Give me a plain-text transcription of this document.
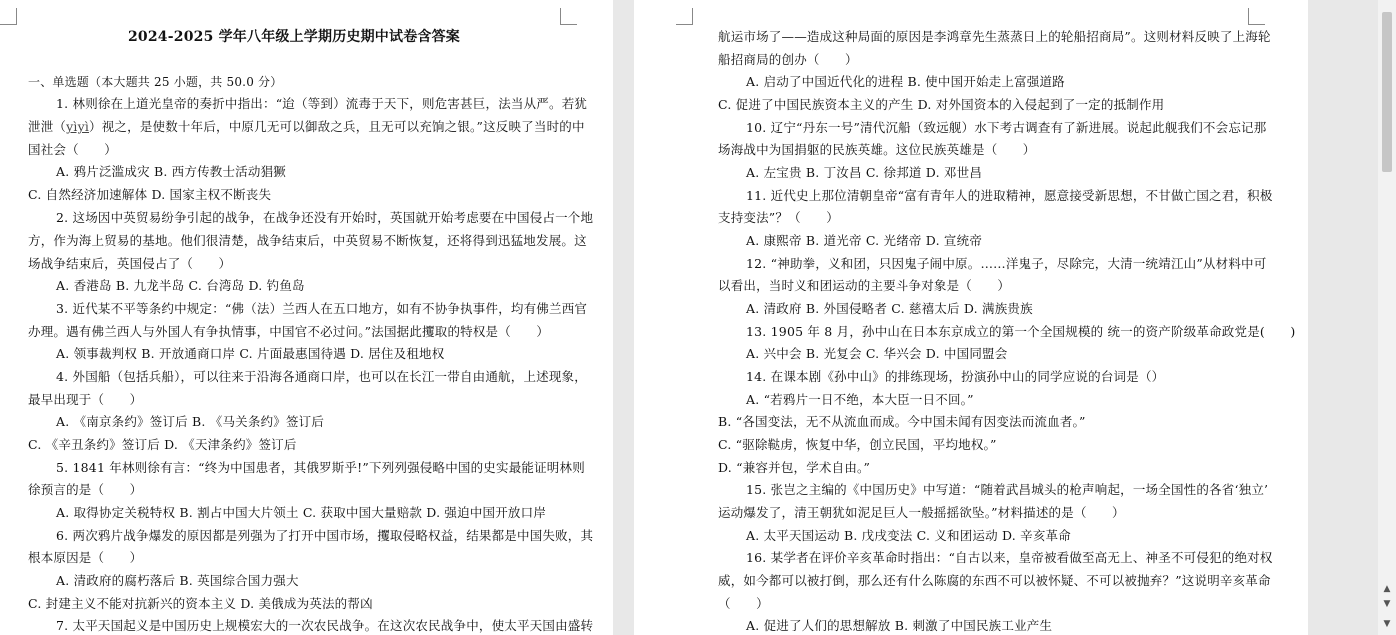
2024-2025 学年八年级上学期历史期中试卷含答案
一、单选题（本大题共 25 小题，共 50.0 分）
1. 林则徐在上道光皇帝的奏折中指出：“迨（等到）流毒于天下，则危害甚巨，法当从严。若犹
泄泄（yìyì）视之，是使数十年后，中原几无可以御敌之兵，且无可以充饷之银。”这反映了当时的中
国社会（　　）
A. 鸦片泛滥成灾 B. 西方传教士活动猖獗
C. 自然经济加速解体 D. 国家主权不断丧失
2. 这场因中英贸易纷争引起的战争，在战争还没有开始时，英国就开始考虑要在中国侵占一个地
方，作为海上贸易的基地。他们很清楚，战争结束后，中英贸易不断恢复，还将得到迅猛地发展。这
场战争结束后，英国侵占了（　　）
A. 香港岛 B. 九龙半岛 C. 台湾岛 D. 钓鱼岛
3. 近代某不平等条约中规定：“佛（法）兰西人在五口地方，如有不协争执事件，均有佛兰西官
办理。遇有佛兰西人与外国人有争执情事，中国官不必过问。”法国据此攫取的特权是（　　）
A. 领事裁判权 B. 开放通商口岸 C. 片面最惠国待遇 D. 居住及租地权
4. 外国船（包括兵船），可以往来于沿海各通商口岸，也可以在长江一带自由通航，上述现象，
最早出现于（　　）
A. 《南京条约》签订后 B. 《马关条约》签订后
C. 《辛丑条约》签订后 D. 《天津条约》签订后
5. 1841 年林则徐有言：“终为中国患者，其俄罗斯乎!”下列列强侵略中国的史实最能证明林则
徐预言的是（　　）
A. 取得协定关税特权 B. 割占中国大片领土 C. 获取中国大量赔款 D. 强迫中国开放口岸
6. 两次鸦片战争爆发的原因都是列强为了打开中国市场，攫取侵略权益，结果都是中国失败，其
根本原因是（　　）
A. 清政府的腐朽落后 B. 英国综合国力强大
C. 封建主义不能对抗新兴的资本主义 D. 美俄成为英法的帮凶
7. 太平天国起义是中国历史上规模宏大的一次农民战争。在这次农民战争中，使太平天国由盛转
航运市场了——造成这种局面的原因是李鸿章先生蒸蒸日上的轮船招商局”。这则材料反映了上海轮
船招商局的创办（　　）
A. 启动了中国近代化的进程 B. 使中国开始走上富强道路
C. 促进了中国民族资本主义的产生 D. 对外国资本的入侵起到了一定的抵制作用
10. 辽宁“丹东一号”清代沉船（致远舰）水下考古调查有了新进展。说起此舰我们不会忘记那
场海战中为国捐躯的民族英雄。这位民族英雄是（　　）
A. 左宝贵 B. 丁汝昌 C. 徐邦道 D. 邓世昌
11. 近代史上那位清朝皇帝“富有青年人的进取精神，愿意接受新思想，不甘做亡国之君，积极
支持变法”？（　　）
A. 康熙帝 B. 道光帝 C. 光绪帝 D. 宣统帝
12. “神助拳，义和团，只因鬼子闹中原。……洋鬼子，尽除完，大清一统靖江山”从材料中可
以看出，当时义和团运动的主要斗争对象是（　　）
A. 清政府 B. 外国侵略者 C. 慈禧太后 D. 满族贵族
13. 1905 年 8 月，孙中山在日本东京成立的第一个全国规模的 统一的资产阶级革命政党是(　　)
A. 兴中会 B. 光复会 C. 华兴会 D. 中国同盟会
14. 在课本剧《孙中山》的排练现场，扮演孙中山的同学应说的台词是（）
A. “若鸦片一日不绝，本大臣一日不回。”
B. “各国变法，无不从流血而成。今中国未闻有因变法而流血者。”
C. “驱除鞑虏，恢复中华，创立民国，平均地权。”
D. “兼容并包，学术自由。”
15. 张岂之主编的《中国历史》中写道：“随着武昌城头的枪声响起，一场全国性的各省‘独立’
运动爆发了，清王朝犹如泥足巨人一般摇摇欲坠。”材料描述的是（　　）
A. 太平天国运动 B. 戊戌变法 C. 义和团运动 D. 辛亥革命
16. 某学者在评价辛亥革命时指出：“自古以来，皇帝被看做至高无上、神圣不可侵犯的绝对权
威，如今都可以被打倒，那么还有什么陈腐的东西不可以被怀疑、不可以被抛弃？”这说明辛亥革命
（　　）
A. 促进了人们的思想解放 B. 刺激了中国民族工业产生
▲
▼
▼
